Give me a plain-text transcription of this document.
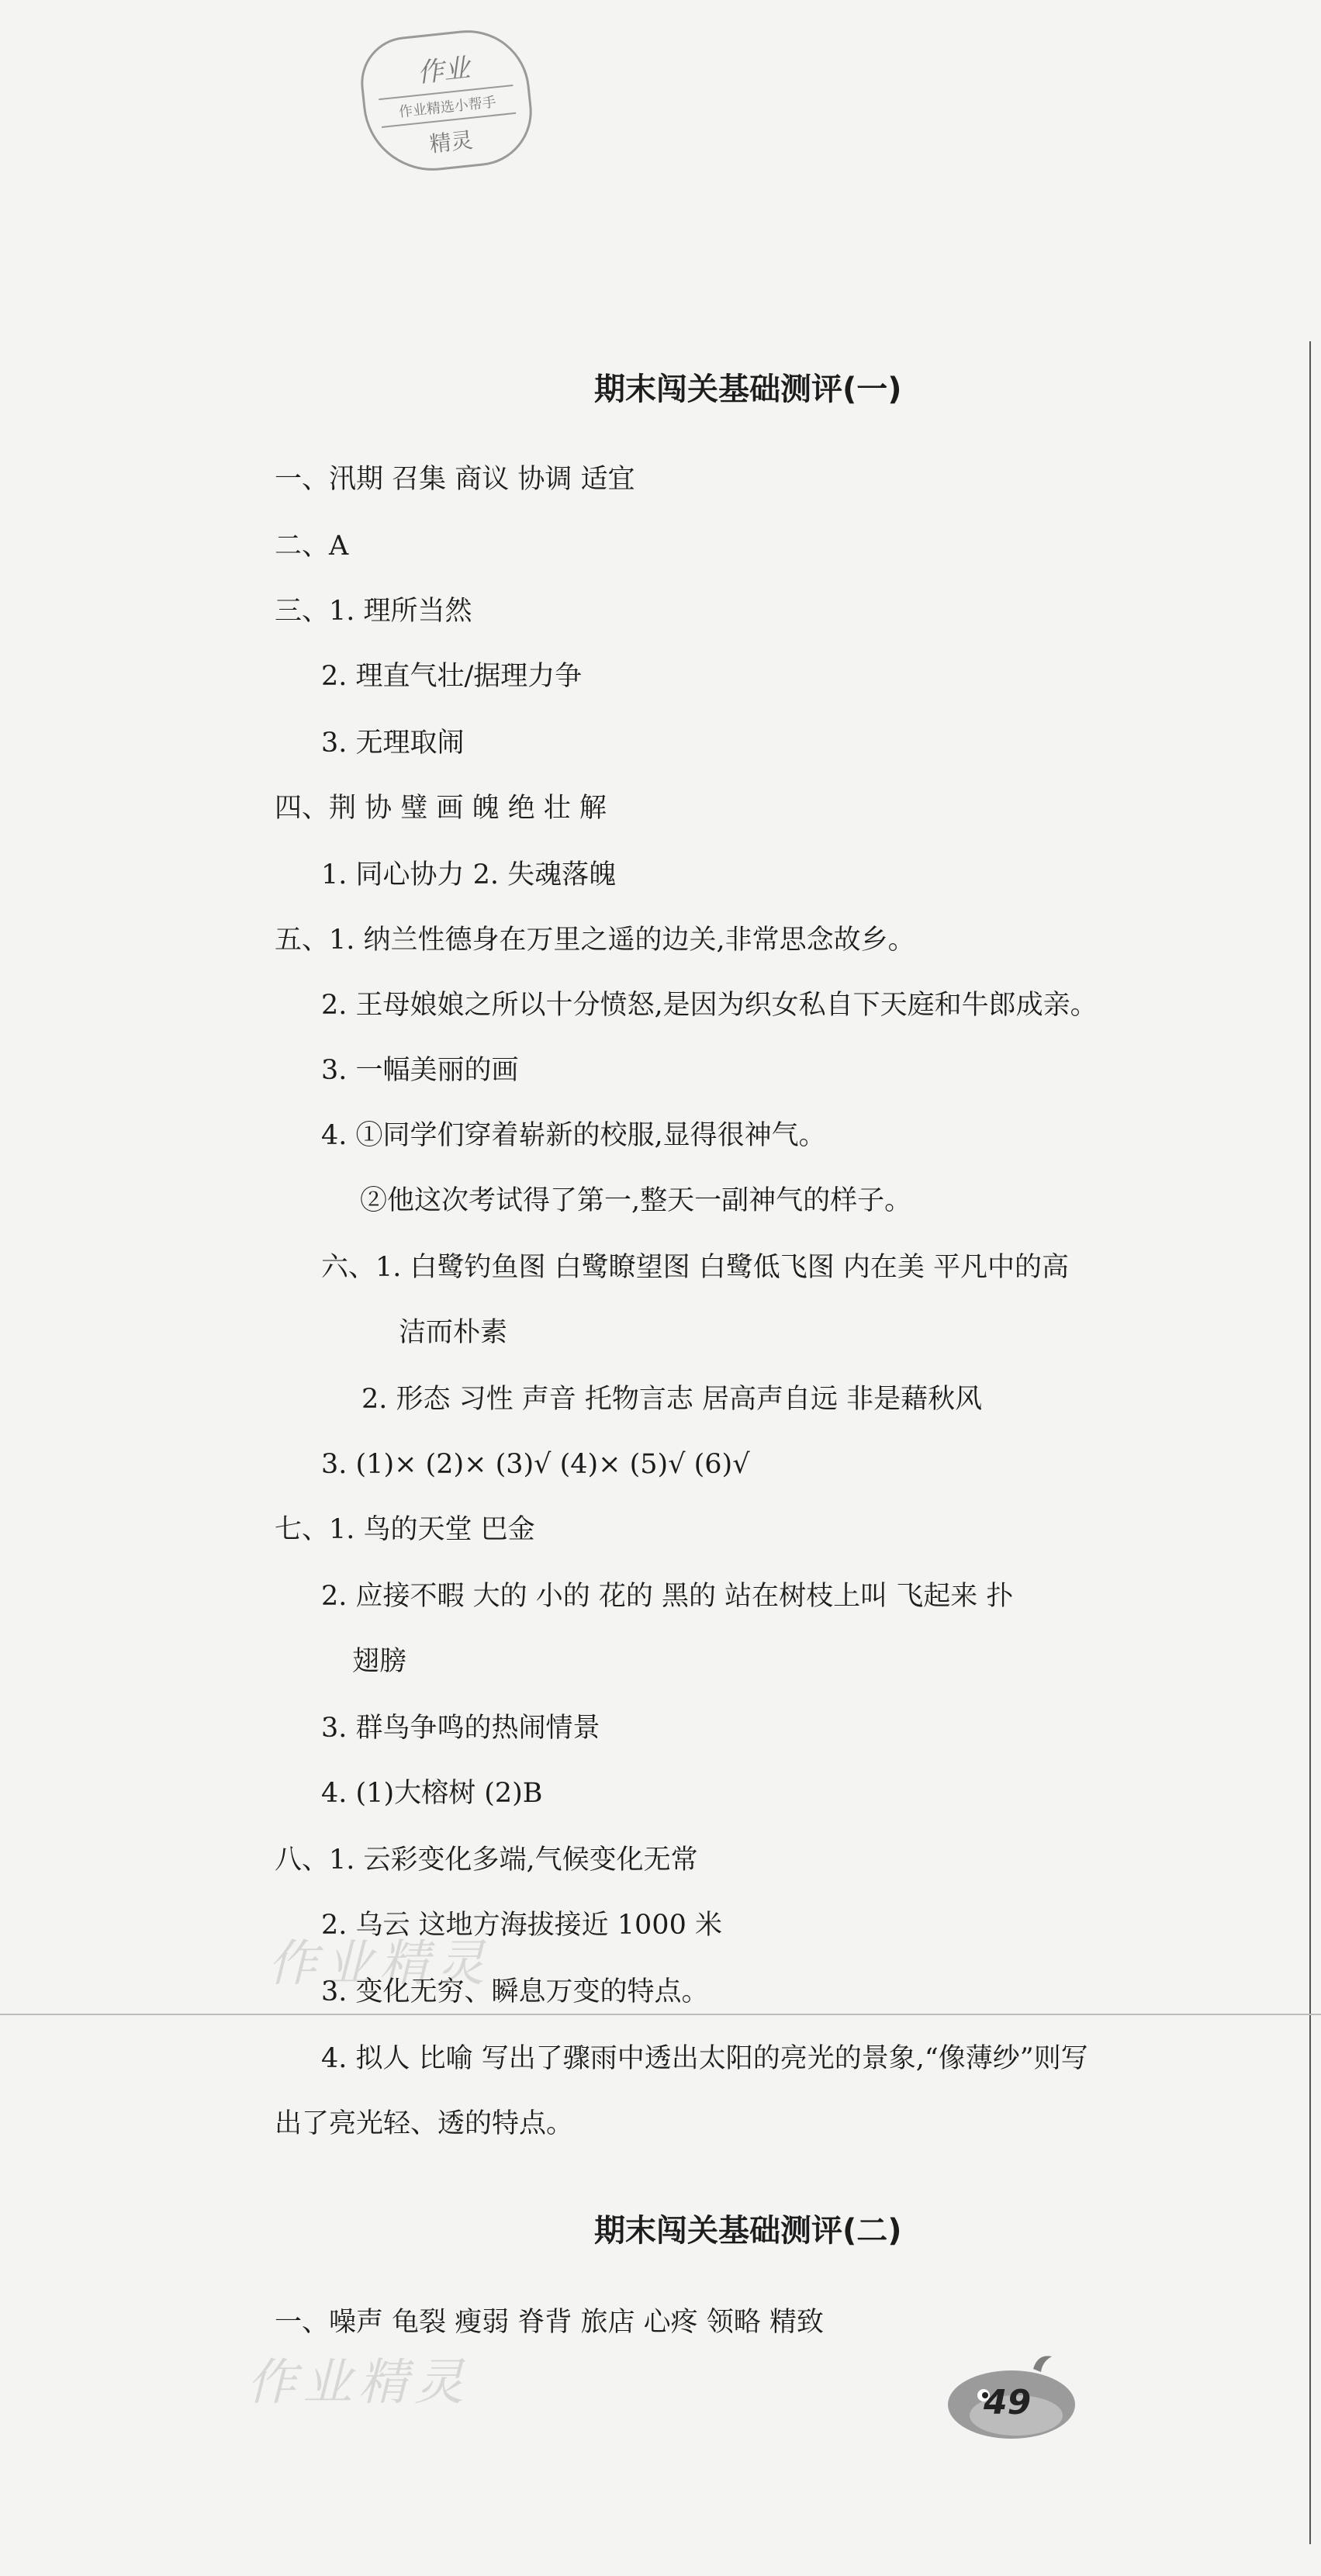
作业
作业精选小帮手
精灵
作业精灵
作业精灵
期末闯关基础测评(一)
一、汛期 召集 商议 协调 适宜
二、A
三、1. 理所当然
2. 理直气壮/据理力争
3. 无理取闹
四、荆 协 璧 画 魄 绝 壮 解
1. 同心协力 2. 失魂落魄
五、1. 纳兰性德身在万里之遥的边关,非常思念故乡。
2. 王母娘娘之所以十分愤怒,是因为织女私自下天庭和牛郎成亲。
3. 一幅美丽的画
4. ①同学们穿着崭新的校服,显得很神气。
②他这次考试得了第一,整天一副神气的样子。
六、1. 白鹭钓鱼图 白鹭瞭望图 白鹭低飞图 内在美 平凡中的高
洁而朴素
2. 形态 习性 声音 托物言志 居高声自远 非是藉秋风
3. (1)× (2)× (3)√ (4)× (5)√ (6)√
七、1. 鸟的天堂 巴金
2. 应接不暇 大的 小的 花的 黑的 站在树枝上叫 飞起来 扑
翅膀
3. 群鸟争鸣的热闹情景
4. (1)大榕树 (2)B
八、1. 云彩变化多端,气候变化无常
2. 乌云 这地方海拔接近 1000 米
3. 变化无穷、瞬息万变的特点。
4. 拟人 比喻 写出了骤雨中透出太阳的亮光的景象,“像薄纱”则写
出了亮光轻、透的特点。
期末闯关基础测评(二)
一、噪声 龟裂 瘦弱 脊背 旅店 心疼 领略 精致
49
